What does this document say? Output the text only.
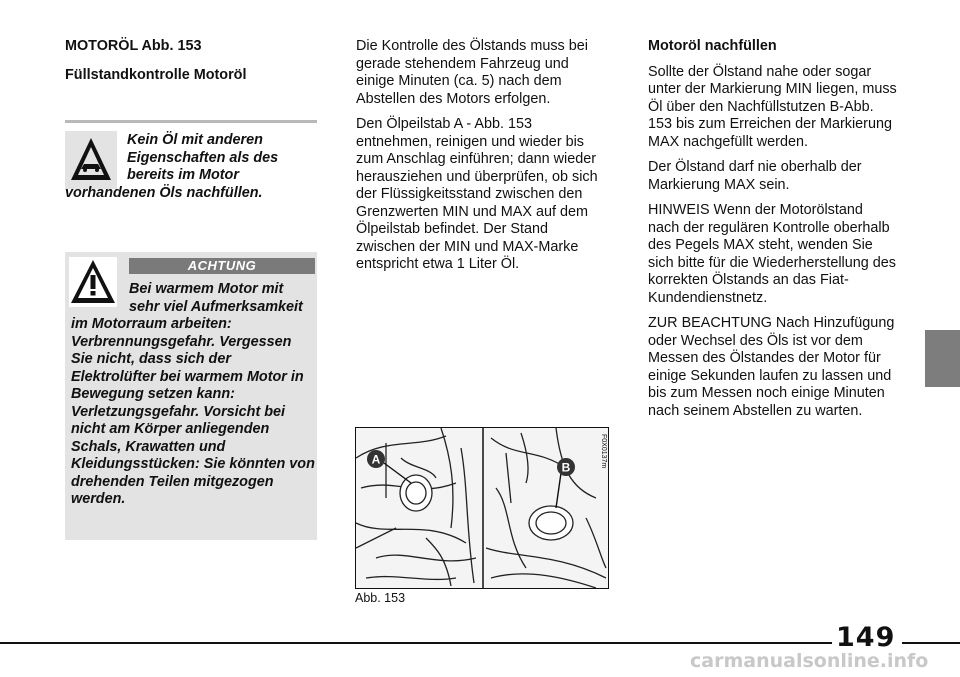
MOTORÖL Abb. 153
Füllstandkontrolle Motoröl
Kein Öl mit anderen Eigenschaften als des bereits im Motor vorhandenen Öls nachfüllen.
ACHTUNG
Bei warmem Motor mit sehr viel Aufmerksamkeit im Motorraum arbeiten: Verbrennungsgefahr. Vergessen Sie nicht, dass sich der Elektrolüfter bei warmem Motor in Bewegung setzen kann: Verletzungsgefahr. Vorsicht bei nicht am Körper anliegenden Schals, Krawatten und Kleidungsstücken: Sie könnten von drehenden Teilen mitgezogen werden.

Die Kontrolle des Ölstands muss bei gerade stehendem Fahrzeug und einige Minuten (ca. 5) nach dem Abstellen des Motors erfolgen.

Den Ölpeilstab A - Abb. 153 entnehmen, reinigen und wieder bis zum Anschlag einführen; dann wieder herausziehen und überprüfen, ob sich der Flüssigkeitsstand zwischen den Grenzwerten MIN und MAX auf dem Ölpeilstab befindet. Der Stand zwischen der MIN und MAX-Marke entspricht etwa 1 Liter Öl.

A
B	F0X0137m
Abb. 153

Motoröl nachfüllen

Sollte der Ölstand nahe oder sogar unter der Markierung MIN liegen, muss Öl über den Nachfüllstutzen B-Abb. 153 bis zum Erreichen der Markierung MAX nachgefüllt werden.

Der Ölstand darf nie oberhalb der Markierung MAX sein.

HINWEIS Wenn der Motorölstand nach der regulären Kontrolle oberhalb des Pegels MAX steht, wenden Sie sich bitte für die Wiederherstellung des korrekten Ölstands an das Fiat-Kundendienstnetz.

ZUR BEACHTUNG Nach Hinzufügung oder Wechsel des Öls ist vor dem Messen des Ölstandes der Motor für einige Sekunden laufen zu lassen und bis zum Messen noch einige Minuten nach seinem Abstellen zu warten.

149
carmanualsonline.info
